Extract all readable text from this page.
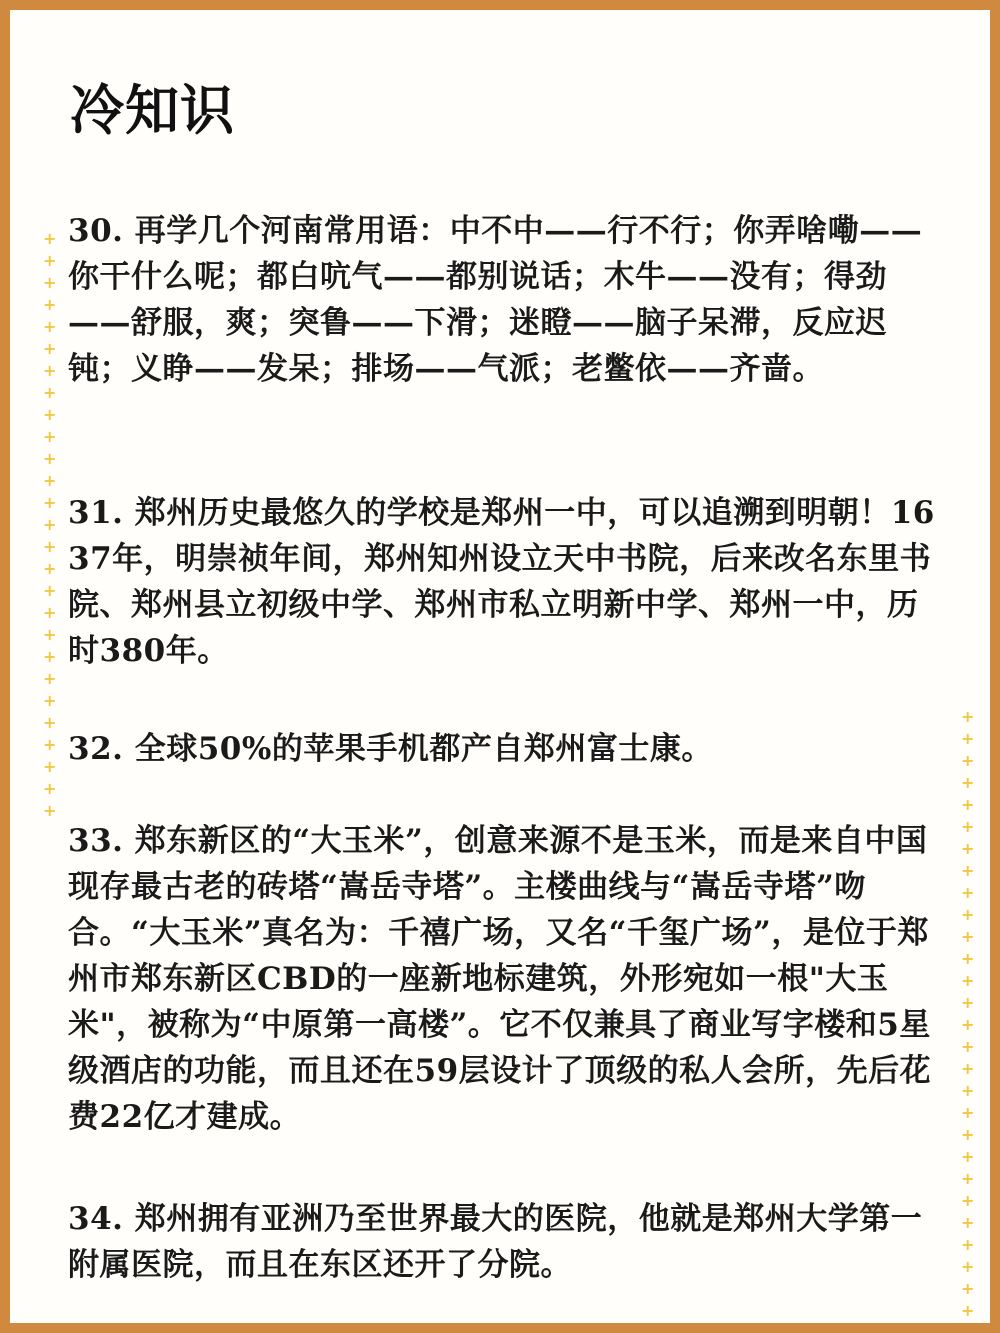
冷知识
+
+
+
+
+
+
+
+
+
+
+
+
+
+
+
+
+
+
+
+
+
+
+
+
+
+
+
+
+
+
+
+
+
+
+
+
+
+
+
+
+
+
+
+
+
+
+
+
+
+
+
+
+
+
+

30. 再学几个河南常用语：中不中——行不行；你弄啥嘞——你干什么呢；都白吭气——都别说话；木牛——没有；得劲——舒服，爽；突鲁——下滑；迷瞪——脑子呆滞，反应迟钝；义睁——发呆；排场——气派；老鳖依——齐啬。

31. 郑州历史最悠久的学校是郑州一中，可以追溯到明朝！1637年，明崇祯年间，郑州知州设立天中书院，后来改名东里书院、郑州县立初级中学、郑州市私立明新中学、郑州一中，历时380年。

32. 全球50%的苹果手机都产自郑州富士康。

33. 郑东新区的“大玉米”，创意来源不是玉米，而是来自中国现存最古老的砖塔“嵩岳寺塔”。主楼曲线与“嵩岳寺塔”吻合。“大玉米”真名为：千禧广场，又名“千玺广场”，是位于郑州市郑东新区CBD的一座新地标建筑，外形宛如一根"大玉米"，被称为“中原第一高楼”。它不仅兼具了商业写字楼和5星级酒店的功能，而且还在59层设计了顶级的私人会所，先后花费22亿才建成。

34. 郑州拥有亚洲乃至世界最大的医院，他就是郑州大学第一附属医院，而且在东区还开了分院。
